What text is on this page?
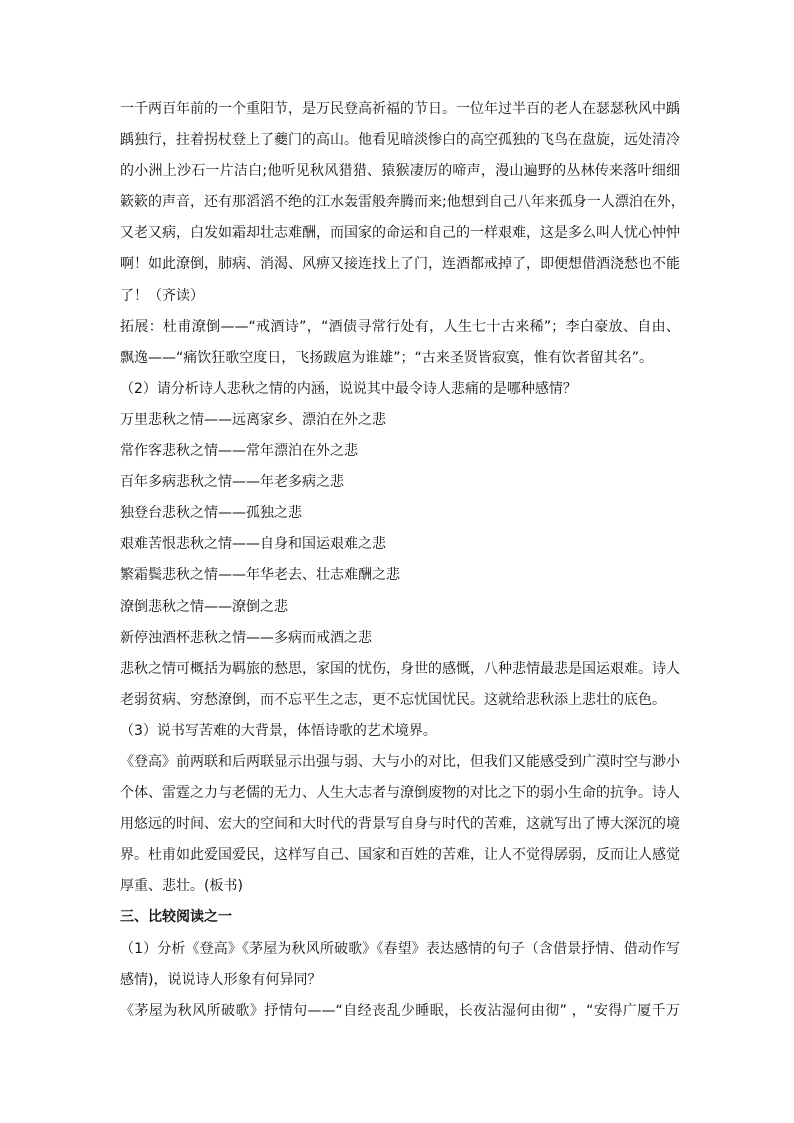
一千两百年前的一个重阳节，是万民登高祈福的节日。一位年过半百的老人在瑟瑟秋风中踽
踽独行，拄着拐杖登上了夔门的高山。他看见暗淡惨白的高空孤独的飞鸟在盘旋，远处清冷
的小洲上沙石一片洁白;他听见秋风猎猎、猿猴凄厉的啼声，漫山遍野的丛林传来落叶细细
簌簌的声音，还有那滔滔不绝的江水轰雷般奔腾而来;他想到自己八年来孤身一人漂泊在外，
又老又病，白发如霜却壮志难酬，而国家的命运和自己的一样艰难，这是多么叫人忧心忡忡
啊！如此潦倒，肺病、消渴、风痹又接连找上了门，连酒都戒掉了，即便想借酒浇愁也不能
了！（齐读）
拓展：杜甫潦倒——“戒酒诗”，“酒债寻常行处有，人生七十古来稀”；李白豪放、自由、
飘逸——“痛饮狂歌空度日，飞扬跋扈为谁雄”；“古来圣贤皆寂寞，惟有饮者留其名”。
（2）请分析诗人悲秋之情的内涵，说说其中最令诗人悲痛的是哪种感情？
万里悲秋之情——远离家乡、漂泊在外之悲
常作客悲秋之情——常年漂泊在外之悲
百年多病悲秋之情——年老多病之悲
独登台悲秋之情——孤独之悲
艰难苦恨悲秋之情——自身和国运艰难之悲
繁霜鬓悲秋之情——年华老去、壮志难酬之悲
潦倒悲秋之情——潦倒之悲
新停浊酒杯悲秋之情——多病而戒酒之悲
悲秋之情可概括为羁旅的愁思，家国的忧伤，身世的感慨，八种悲情最悲是国运艰难。诗人
老弱贫病、穷愁潦倒，而不忘平生之志，更不忘忧国忧民。这就给悲秋添上悲壮的底色。
（3）说书写苦难的大背景，体悟诗歌的艺术境界。
《登高》前两联和后两联显示出强与弱、大与小的对比，但我们又能感受到广漠时空与渺小
个体、雷霆之力与老儒的无力、人生大志者与潦倒废物的对比之下的弱小生命的抗争。诗人
用悠远的时间、宏大的空间和大时代的背景写自身与时代的苦难，这就写出了博大深沉的境
界。杜甫如此爱国爱民，这样写自己、国家和百姓的苦难，让人不觉得孱弱，反而让人感觉
厚重、悲壮。(板书)
三、比较阅读之一
（1）分析《登高》《茅屋为秋风所破歌》《春望》表达感情的句子（含借景抒情、借动作写
感情)，说说诗人形象有何异同？
《茅屋为秋风所破歌》抒情句——“自经丧乱少睡眠，长夜沾湿何由彻” ，“安得广厦千万
